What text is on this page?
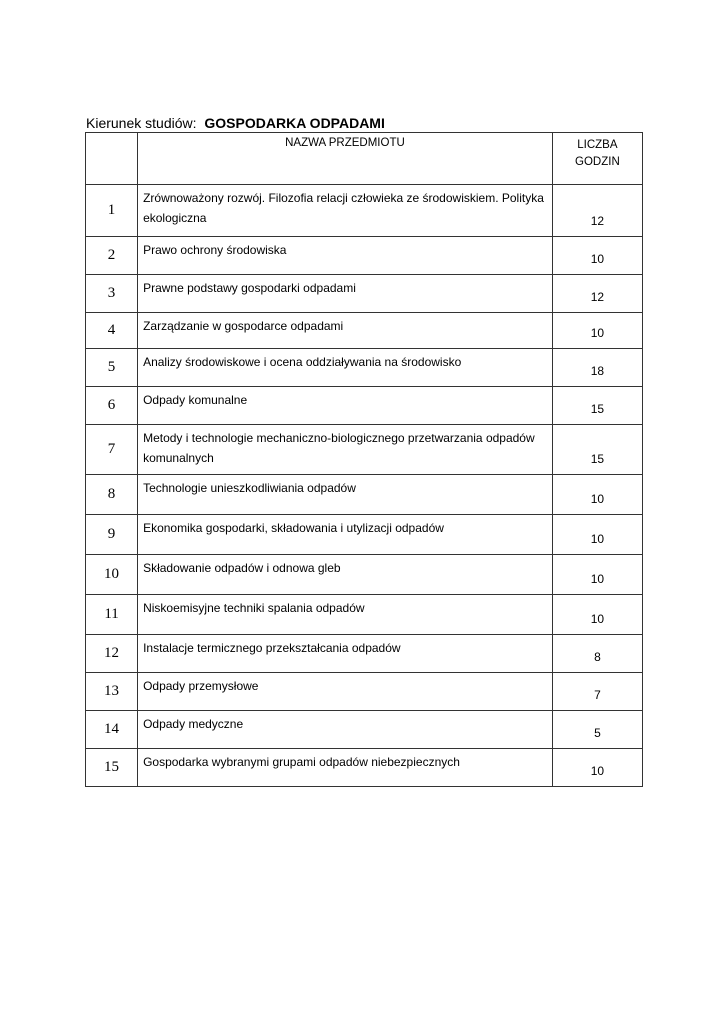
Kierunek studiów: GOSPODARKA ODPADAMI
	NAZWA PRZEDMIOTU	LICZBA
GODZIN

1	Zrównoważony rozwój. Filozofia relacji człowieka ze środowiskiem. Polityka ekologiczna	12
2	Prawo ochrony środowiska	10
3	Prawne podstawy gospodarki odpadami	12
4	Zarządzanie w gospodarce odpadami	10
5	Analizy środowiskowe i ocena oddziaływania na środowisko	18
6	Odpady komunalne	15
7	Metody i technologie mechaniczno-biologicznego przetwarzania odpadów komunalnych	15
8	Technologie unieszkodliwiania odpadów	10
9	Ekonomika gospodarki, składowania i utylizacji odpadów	10
10	Składowanie odpadów i odnowa gleb	10
11	Niskoemisyjne techniki spalania odpadów	10
12	Instalacje termicznego przekształcania odpadów	8
13	Odpady przemysłowe	7
14	Odpady medyczne	5
15	Gospodarka wybranymi grupami odpadów niebezpiecznych	10
